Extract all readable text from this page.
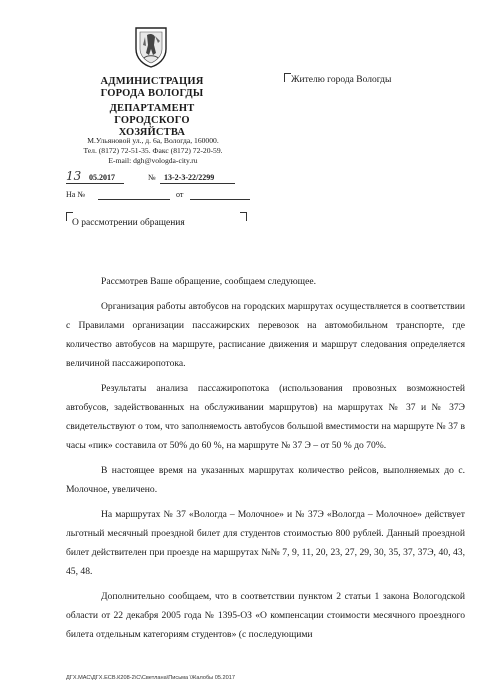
АДМИНИСТРАЦИЯ
ГОРОДА ВОЛОГДЫ
ДЕПАРТАМЕНТ
ГОРОДСКОГО ХОЗЯЙСТВА
М.Ульяновой ул., д. 6а, Вологда, 160000.
Тел. (8172) 72-51-35. Факс (8172) 72-20-59.
E-mail: dgh@vologda-city.ru
Жителю города Вологды
13 05.2017	№ 13-2-3-22/2299
На №	от
О рассмотрении обращения

Рассмотрев Ваше обращение, сообщаем следующее.

Организация работы автобусов на городских маршрутах осуществляется в соответствии с Правилами организации пассажирских перевозок на автомобильном транспорте, где количество автобусов на маршруте, расписание движения и маршрут следования определяется величиной пассажиропотока.

Результаты анализа пассажиропотока (использования провозных возможностей автобусов, задействованных на обслуживании маршрутов) на маршрутах № 37 и № 37Э свидетельствуют о том, что заполняемость автобусов большой вместимости на маршруте № 37 в часы «пик» составила от 50% до 60 %, на маршруте № 37 Э – от 50 % до 70%.

В настоящее время на указанных маршрутах количество рейсов, выполняемых до с. Молочное, увеличено.

На маршрутах № 37 «Вологда – Молочное» и № 37Э «Вологда – Молочное» действует льготный месячный проездной билет для студентов стоимостью 800 рублей. Данный проездной билет действителен при проезде на маршрутах №№ 7, 9, 11, 20, 23, 27, 29, 30, 35, 37, 37Э, 40, 43, 45, 48.

Дополнительно сообщаем, что в соответствии пунктом 2 статьи 1 закона Вологодской области от 22 декабря 2005 года № 1395-ОЗ «О компенсации стоимости месячного проездного билета отдельным категориям студентов» (с последующими

ДГХ.МАС\ДГХ.ЕСВ.К208-2\С\Светлана\Письма \Жалобы 05.2017
